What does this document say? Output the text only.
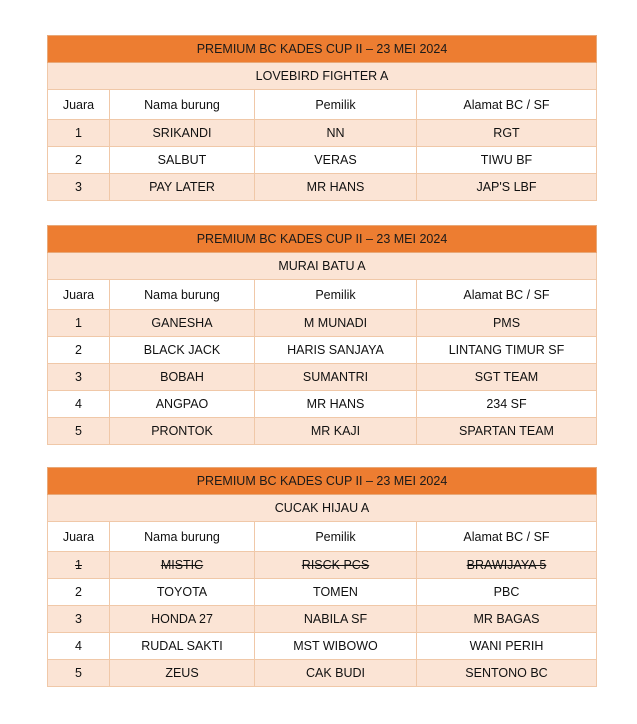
PREMIUM BC KADES CUP II – 23 MEI 2024			
LOVEBIRD FIGHTER A			
Juara	Nama burung	Pemilik	Alamat BC / SF
1	SRIKANDI	NN	RGT
2	SALBUT	VERAS	TIWU BF
3	PAY LATER	MR HANS	JAP'S LBF
PREMIUM BC KADES CUP II – 23 MEI 2024			
MURAI BATU A			
Juara	Nama burung	Pemilik	Alamat BC / SF
1	GANESHA	M MUNADI	PMS
2	BLACK JACK	HARIS SANJAYA	LINTANG TIMUR SF
3	BOBAH	SUMANTRI	SGT TEAM
4	ANGPAO	MR HANS	234 SF
5	PRONTOK	MR KAJI	SPARTAN TEAM
PREMIUM BC KADES CUP II – 23 MEI 2024			
CUCAK HIJAU A			
Juara	Nama burung	Pemilik	Alamat BC / SF
1	MISTIC	RISCK PCS	BRAWIJAYA 5
2	TOYOTA	TOMEN	PBC
3	HONDA 27	NABILA SF	MR BAGAS
4	RUDAL SAKTI	MST WIBOWO	WANI PERIH
5	ZEUS	CAK BUDI	SENTONO BC
